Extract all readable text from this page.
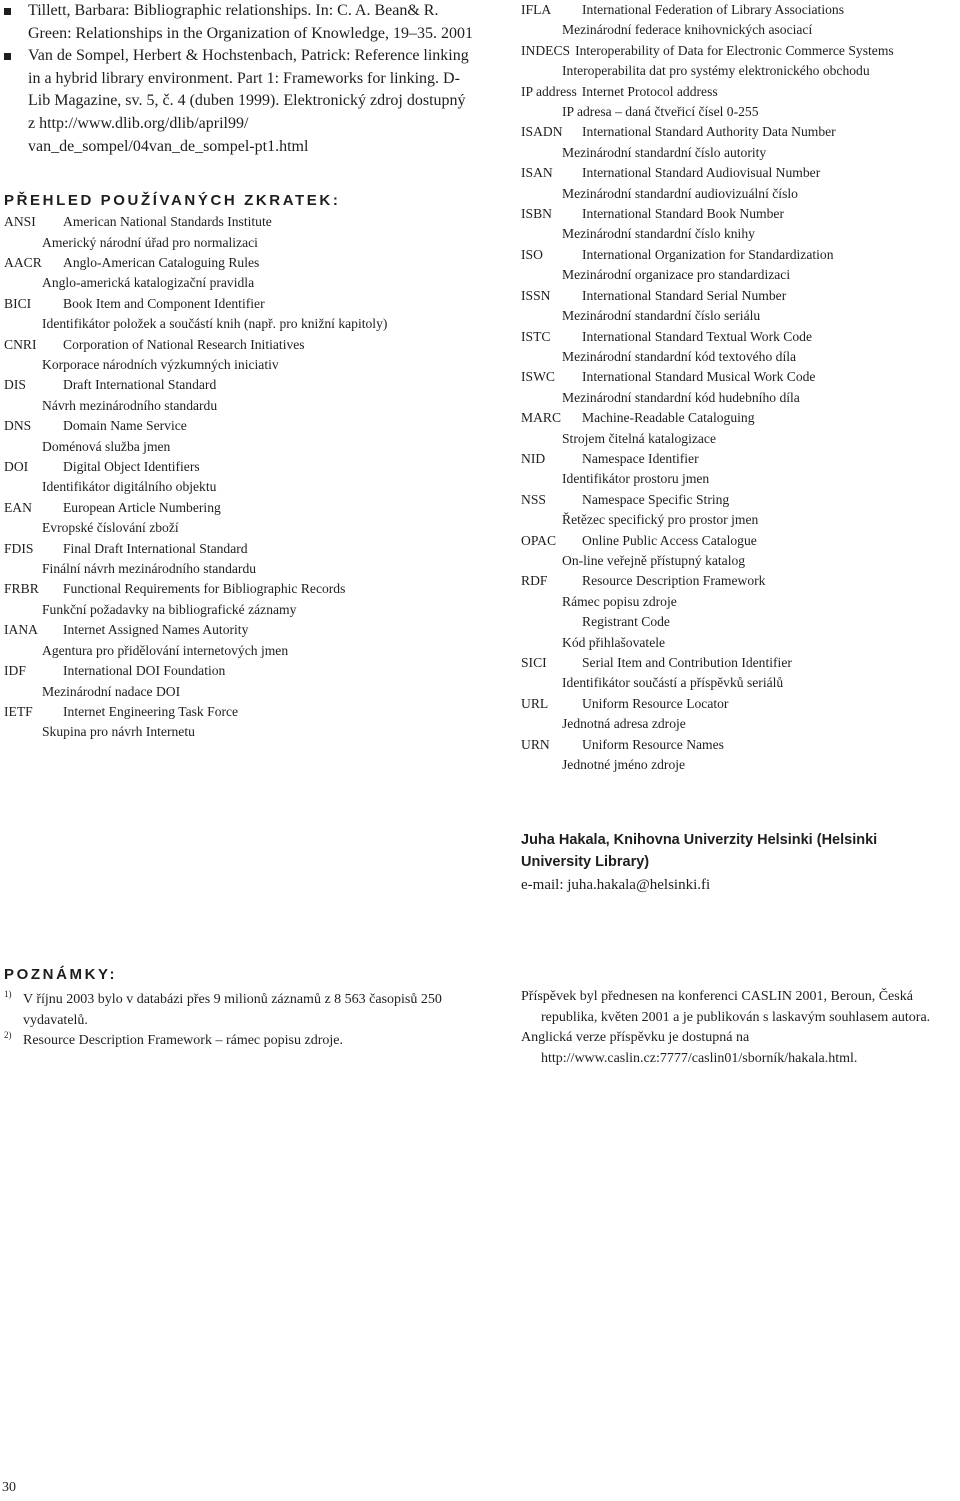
Tillett, Barbara: Bibliographic relationships. In: C. A. Bean& R. Green: Relationships in the Organization of Knowledge, 19–35. 2001
Van de Sompel, Herbert & Hochstenbach, Patrick: Reference linking in a hybrid library environment. Part 1: Frameworks for linking. D-Lib Magazine, sv. 5, č. 4 (duben 1999). Elektronický zdroj dostupný z http://www.dlib.org/dlib/april99/ van_de_sompel/04van_de_sompel-pt1.html
PŘEHLED POUŽÍVANÝCH ZKRATEK:
ANSI American National Standards Institute
Americký národní úřad pro normalizaci
AACR Anglo-American Cataloguing Rules
Anglo-americká katalogizační pravidla
BICI Book Item and Component Identifier
Identifikátor položek a součástí knih (např. pro knižní kapitoly)
CNRI Corporation of National Research Initiatives
Korporace národních výzkumných iniciativ
DIS	Draft International Standard
Návrh mezinárodního standardu
DNS Domain Name Service
Doménová služba jmen
DOI	Digital Object Identifiers
Identifikátor digitálního objektu
EAN European Article Numbering
Evropské číslování zboží
FDIS Final Draft International Standard
Finální návrh mezinárodního standardu
FRBR Functional Requirements for Bibliographic Records
Funkční požadavky na bibliografické záznamy
IANA Internet Assigned Names Autority
Agentura pro přidělování internetových jmen
IDF	International DOI Foundation
Mezinárodní nadace DOI
IETF Internet Engineering Task Force
Skupina pro návrh Internetu
IFLA International Federation of Library Associations
Mezinárodní federace knihovnických asociací
INDECS Interoperability of Data for Electronic Commerce Systems
Interoperabilita dat pro systémy elektronického obchodu
IP address Internet Protocol address
IP adresa – daná čtveřicí čísel 0-255
ISADN International Standard Authority Data Number
Mezinárodní standardní číslo autority
ISAN International Standard Audiovisual Number
Mezinárodní standardní audiovizuální číslo
ISBN International Standard Book Number
Mezinárodní standardní číslo knihy
ISO	International Organization for Standardization
Mezinárodní organizace pro standardizaci
ISSN International Standard Serial Number
Mezinárodní standardní číslo seriálu
ISTC International Standard Textual Work Code
Mezinárodní standardní kód textového díla
ISWC International Standard Musical Work Code
Mezinárodní standardní kód hudebního díla
MARC Machine-Readable Cataloguing
Strojem čitelná katalogizace
NID	Namespace Identifier
Identifikátor prostoru jmen
NSS	Namespace Specific String
Řetězec specifický pro prostor jmen
OPAC Online Public Access Catalogue
On-line veřejně přístupný katalog
RDF	Resource Description Framework
Rámec popisu zdroje
Registrant Code
Kód přihlašovatele
SICI	Serial Item and Contribution Identifier
Identifikátor součástí a příspěvků seriálů
URL Uniform Resource Locator
Jednotná adresa zdroje
URN Uniform Resource Names
Jednotné jméno zdroje

Juha Hakala, Knihovna Univerzity Helsinki (Helsinki University Library)

e-mail: juha.hakala@helsinki.fi

POZNÁMKY:

1) V říjnu 2003 bylo v databázi přes 9 milionů záznamů z 8 563 časopisů 250 vydavatelů.

2) Resource Description Framework – rámec popisu zdroje.

Příspěvek byl přednesen na konferenci CASLIN 2001, Beroun, Česká republika, květen 2001 a je publikován s laskavým souhlasem autora.

Anglická verze příspěvku je dostupná na http://www.caslin.cz:7777/caslin01/sborník/hakala.html.

30
